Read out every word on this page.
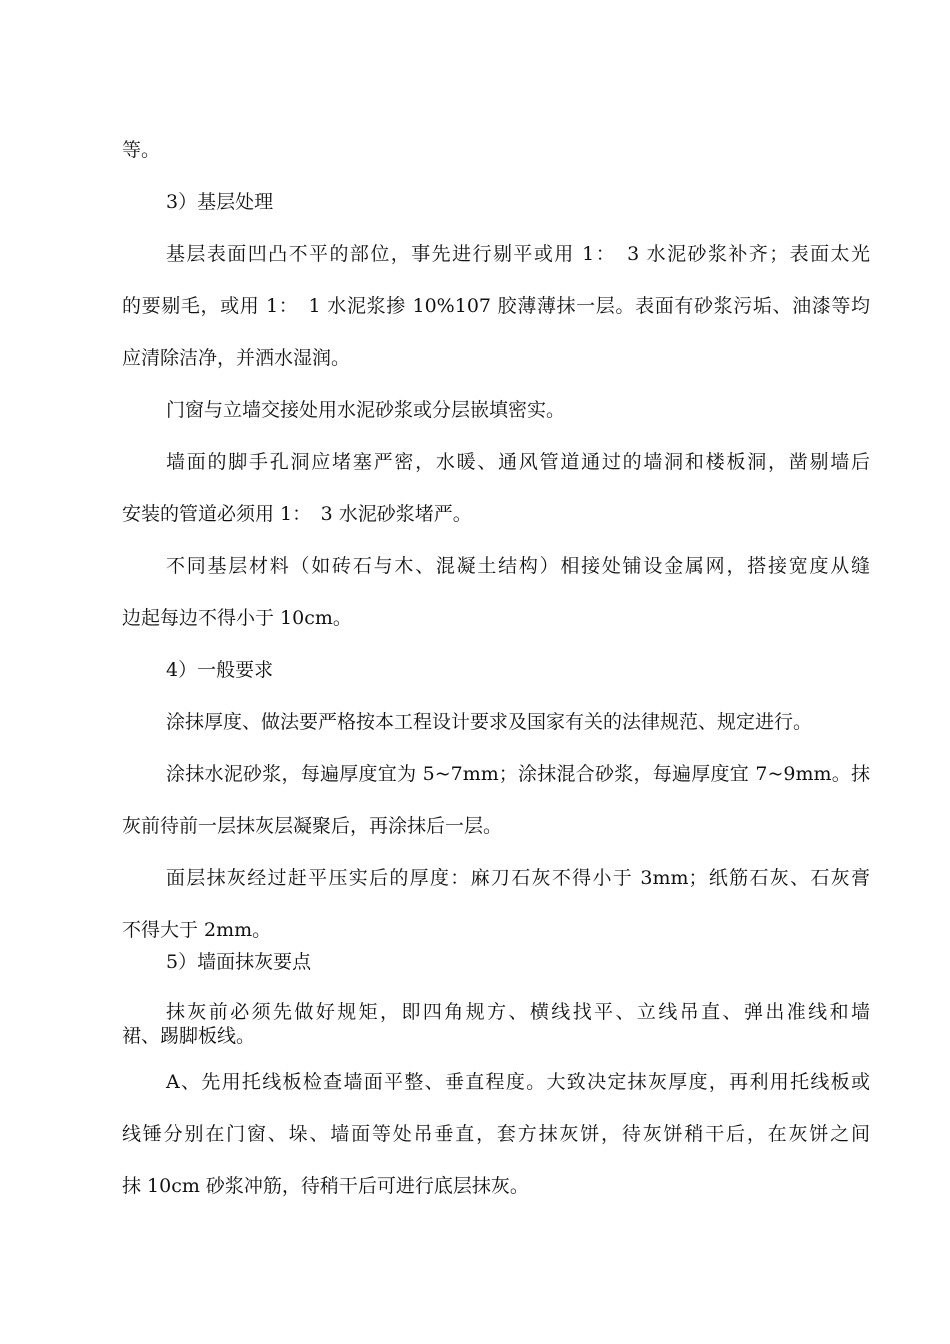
等。
3）基层处理
基层表面凹凸不平的部位，事先进行剔平或用 1：　3 水泥砂浆补齐；表面太光
的要剔毛，或用 1：　1 水泥浆掺 10%107 胶薄薄抹一层。表面有砂浆污垢、油漆等均
应清除洁净，并洒水湿润。
门窗与立墙交接处用水泥砂浆或分层嵌填密实。
墙面的脚手孔洞应堵塞严密，水暖、通风管道通过的墙洞和楼板洞，凿剔墙后
安装的管道必须用 1：　3 水泥砂浆堵严。
不同基层材料（如砖石与木、混凝土结构）相接处铺设金属网，搭接宽度从缝
边起每边不得小于 10cm。
4）一般要求
涂抹厚度、做法要严格按本工程设计要求及国家有关的法律规范、规定进行。
涂抹水泥砂浆，每遍厚度宜为 5~7mm；涂抹混合砂浆，每遍厚度宜 7~9mm。抹
灰前待前一层抹灰层凝聚后，再涂抹后一层。
面层抹灰经过赶平压实后的厚度：麻刀石灰不得小于 3mm；纸筋石灰、石灰膏
不得大于 2mm。
5）墙面抹灰要点
抹灰前必须先做好规矩，即四角规方、横线找平、立线吊直、弹出准线和墙
裙、踢脚板线。
A、先用托线板检查墙面平整、垂直程度。大致决定抹灰厚度，再利用托线板或
线锤分别在门窗、垛、墙面等处吊垂直，套方抹灰饼，待灰饼稍干后，在灰饼之间
抹 10cm 砂浆冲筋，待稍干后可进行底层抹灰。
